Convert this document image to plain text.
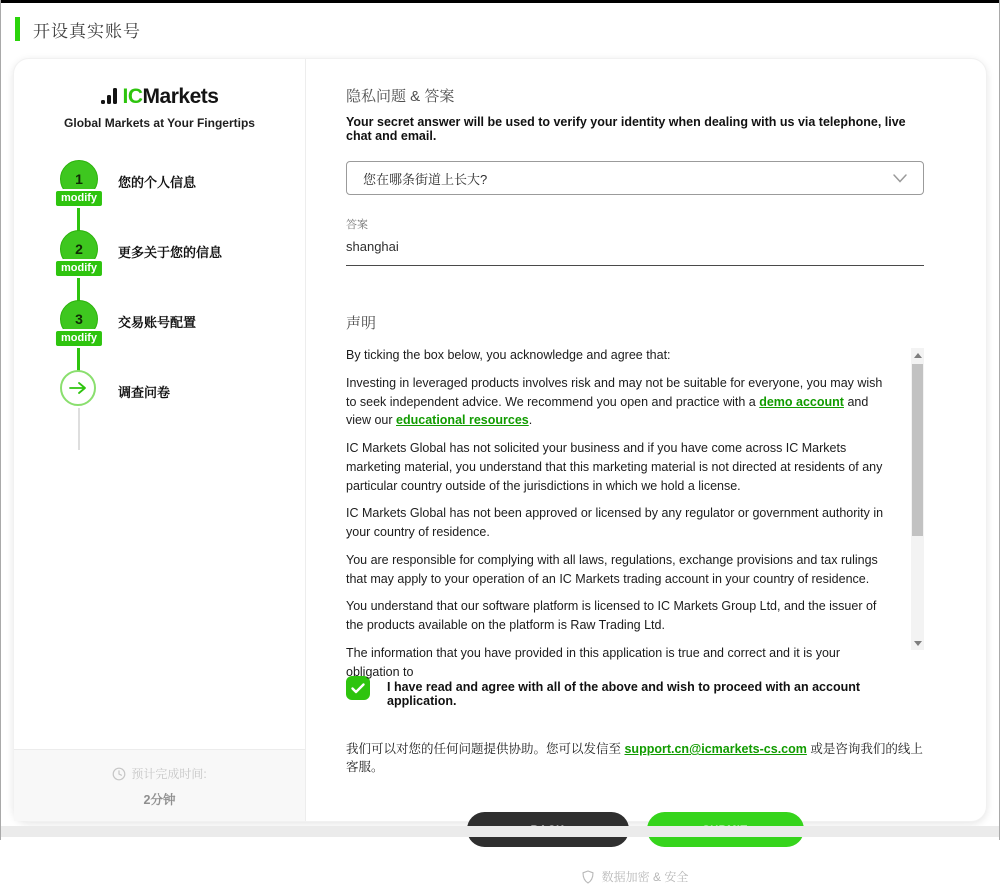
开设真实账号
IC Markets
Global Markets at Your Fingertips
1
modify
您的个人信息
2
modify
更多关于您的信息
3
modify
交易账号配置
调查问卷
预计完成时间:
2分钟
隐私问题 & 答案
Your secret answer will be used to verify your identity when dealing with us via telephone, live chat and email.
您在哪条街道上长大?
答案
shanghai
声明

By ticking the box below, you acknowledge and agree that:

Investing in leveraged products involves risk and may not be suitable for everyone, you may wish to seek independent advice. We recommend you open and practice with a demo account and view our educational resources.

IC Markets Global has not solicited your business and if you have come across IC Markets marketing material, you understand that this marketing material is not directed at residents of any particular country outside of the jurisdictions in which we hold a license.

IC Markets Global has not been approved or licensed by any regulator or government authority in your country of residence.

You are responsible for complying with all laws, regulations, exchange provisions and tax rulings that may apply to your operation of an IC Markets trading account in your country of residence.

You understand that our software platform is licensed to IC Markets Group Ltd, and the issuer of the products available on the platform is Raw Trading Ltd.

The information that you have provided in this application is true and correct and it is your obligation to

I have read and agree with all of the above and wish to proceed with an account application.
我们可以对您的任何问题提供协助。您可以发信至 support.cn@icmarkets-cs.com 或是咨询我们的线上客服。
数据加密 & 安全
